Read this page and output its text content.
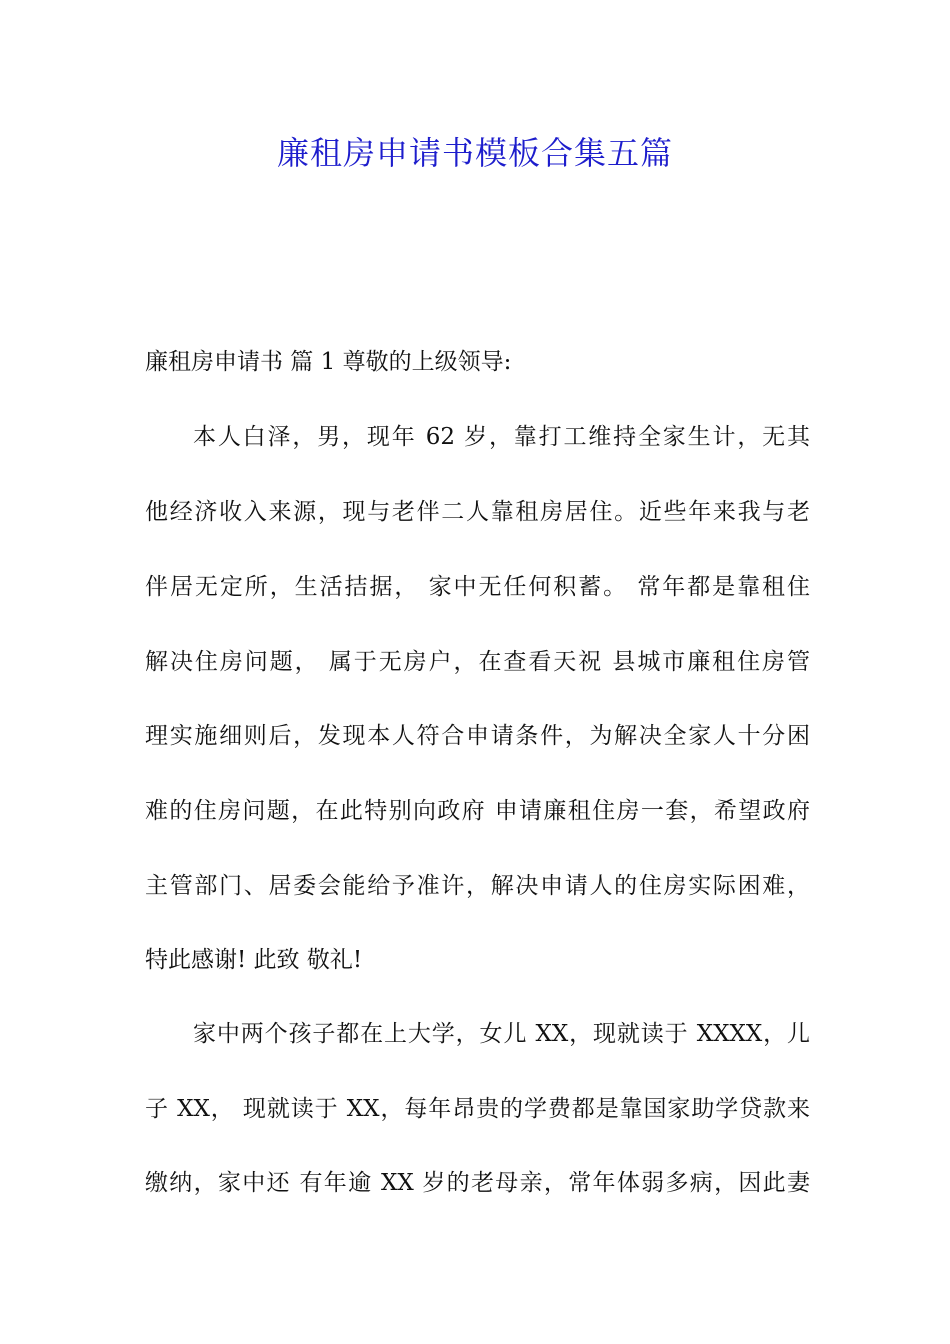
廉租房申请书模板合集五篇

廉租房申请书 篇 1 尊敬的上级领导:

本人白泽，男，现年 62 岁，靠打工维持全家生计，无其

他经济收入来源，现与老伴二人靠租房居住。近些年来我与老

伴居无定所，生活拮据， 家中无任何积蓄。 常年都是靠租住

解决住房问题， 属于无房户，在查看天祝 县城市廉租住房管

理实施细则后，发现本人符合申请条件，为解决全家人十分困

难的住房问题，在此特别向政府 申请廉租住房一套，希望政府

主管部门、居委会能给予准许，解决申请人的住房实际困难，

特此感谢! 此致 敬礼!

家中两个孩子都在上大学，女儿 XX，现就读于 XXXX，儿

子 XX， 现就读于 XX，每年昂贵的学费都是靠国家助学贷款来

缴纳，家中还 有年逾 XX 岁的老母亲，常年体弱多病，因此妻
